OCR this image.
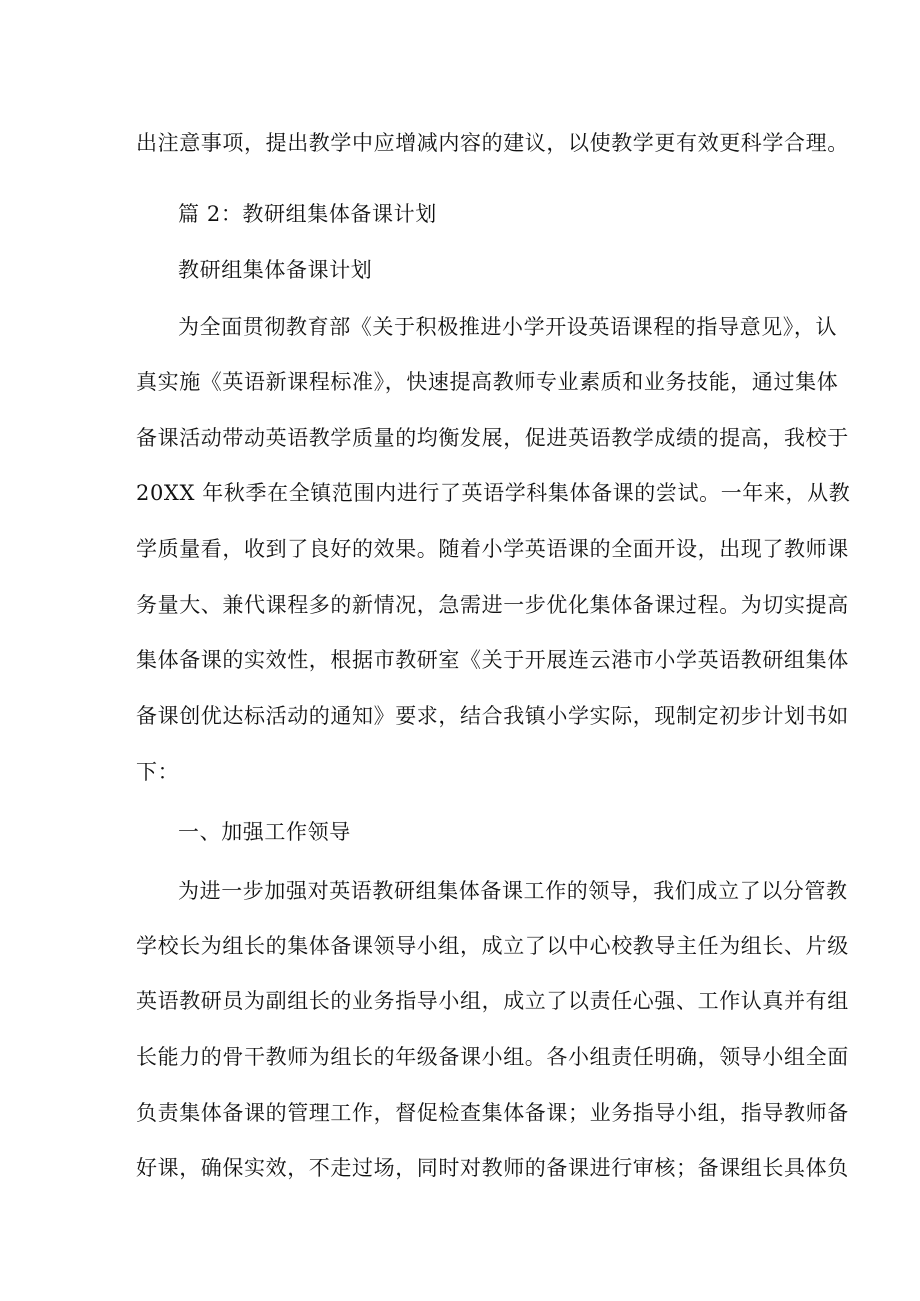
出注意事项，提出教学中应增减内容的建议，以使教学更有效更科学合理。
篇 2：教研组集体备课计划
教研组集体备课计划
为全面贯彻教育部《关于积极推进小学开设英语课程的指导意见》，认
真实施《英语新课程标准》，快速提高教师专业素质和业务技能，通过集体
备课活动带动英语教学质量的均衡发展，促进英语教学成绩的提高，我校于
20XX 年秋季在全镇范围内进行了英语学科集体备课的尝试。一年来，从教
学质量看，收到了良好的效果。随着小学英语课的全面开设，出现了教师课
务量大、兼代课程多的新情况，急需进一步优化集体备课过程。为切实提高
集体备课的实效性，根据市教研室《关于开展连云港市小学英语教研组集体
备课创优达标活动的通知》要求，结合我镇小学实际，现制定初步计划书如
下：
一、加强工作领导
为进一步加强对英语教研组集体备课工作的领导，我们成立了以分管教
学校长为组长的集体备课领导小组，成立了以中心校教导主任为组长、片级
英语教研员为副组长的业务指导小组，成立了以责任心强、工作认真并有组
长能力的骨干教师为组长的年级备课小组。各小组责任明确，领导小组全面
负责集体备课的管理工作，督促检查集体备课；业务指导小组，指导教师备
好课，确保实效，不走过场，同时对教师的备课进行审核；备课组长具体负
